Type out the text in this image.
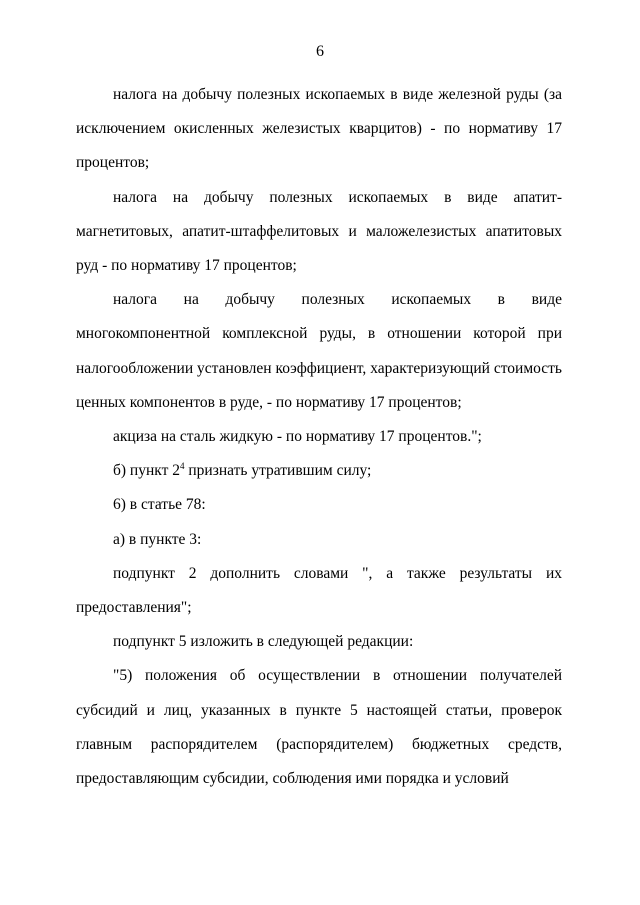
6

налога на добычу полезных ископаемых в виде железной руды (за исключением окисленных железистых кварцитов) - по нормативу 17 процентов;

налога на добычу полезных ископаемых в виде апатит-магнетитовых, апатит-штаффелитовых и маложелезистых апатитовых руд - по нормативу 17 процентов;

налога на добычу полезных ископаемых в виде многокомпонентной комплексной руды, в отношении которой при налогообложении установлен коэффициент, характеризующий стоимость ценных компонентов в руде, - по нормативу 17 процентов;

акциза на сталь жидкую - по нормативу 17 процентов.";

б) пункт $2^4$ признать утратившим силу;

6) в статье 78:

а) в пункте 3:

подпункт 2 дополнить словами ", а также результаты их предоставления";

подпункт 5 изложить в следующей редакции:

"5) положения об осуществлении в отношении получателей субсидий и лиц, указанных в пункте 5 настоящей статьи, проверок главным распорядителем (распорядителем) бюджетных средств, предоставляющим субсидии, соблюдения ими порядка и условий
